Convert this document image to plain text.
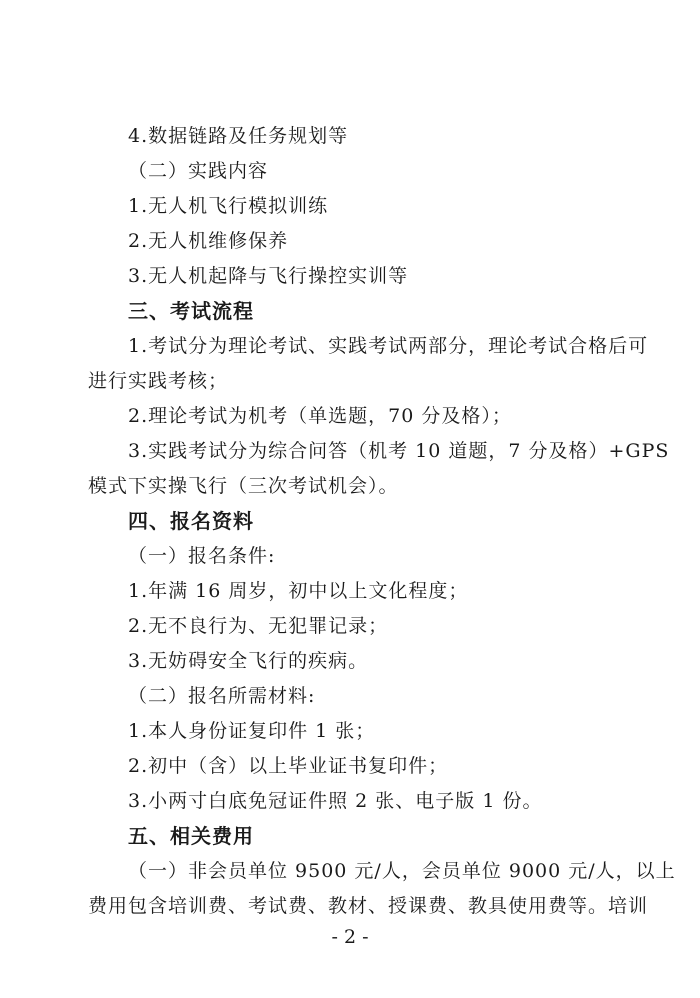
4.数据链路及任务规划等
（二）实践内容
1.无人机飞行模拟训练
2.无人机维修保养
3.无人机起降与飞行操控实训等
三、考试流程
1.考试分为理论考试、实践考试两部分，理论考试合格后可
进行实践考核；
2.理论考试为机考（单选题，70 分及格）；
3.实践考试分为综合问答（机考 10 道题，7 分及格）+GPS
模式下实操飞行（三次考试机会）。
四、报名资料
（一）报名条件:
1.年满 16 周岁，初中以上文化程度；
2.无不良行为、无犯罪记录；
3.无妨碍安全飞行的疾病。
（二）报名所需材料:
1.本人身份证复印件 1 张；
2.初中（含）以上毕业证书复印件；
3.小两寸白底免冠证件照 2 张、电子版 1 份。
五、相关费用
（一）非会员单位 9500 元/人，会员单位 9000 元/人，以上
费用包含培训费、考试费、教材、授课费、教具使用费等。培训
- 2 -
